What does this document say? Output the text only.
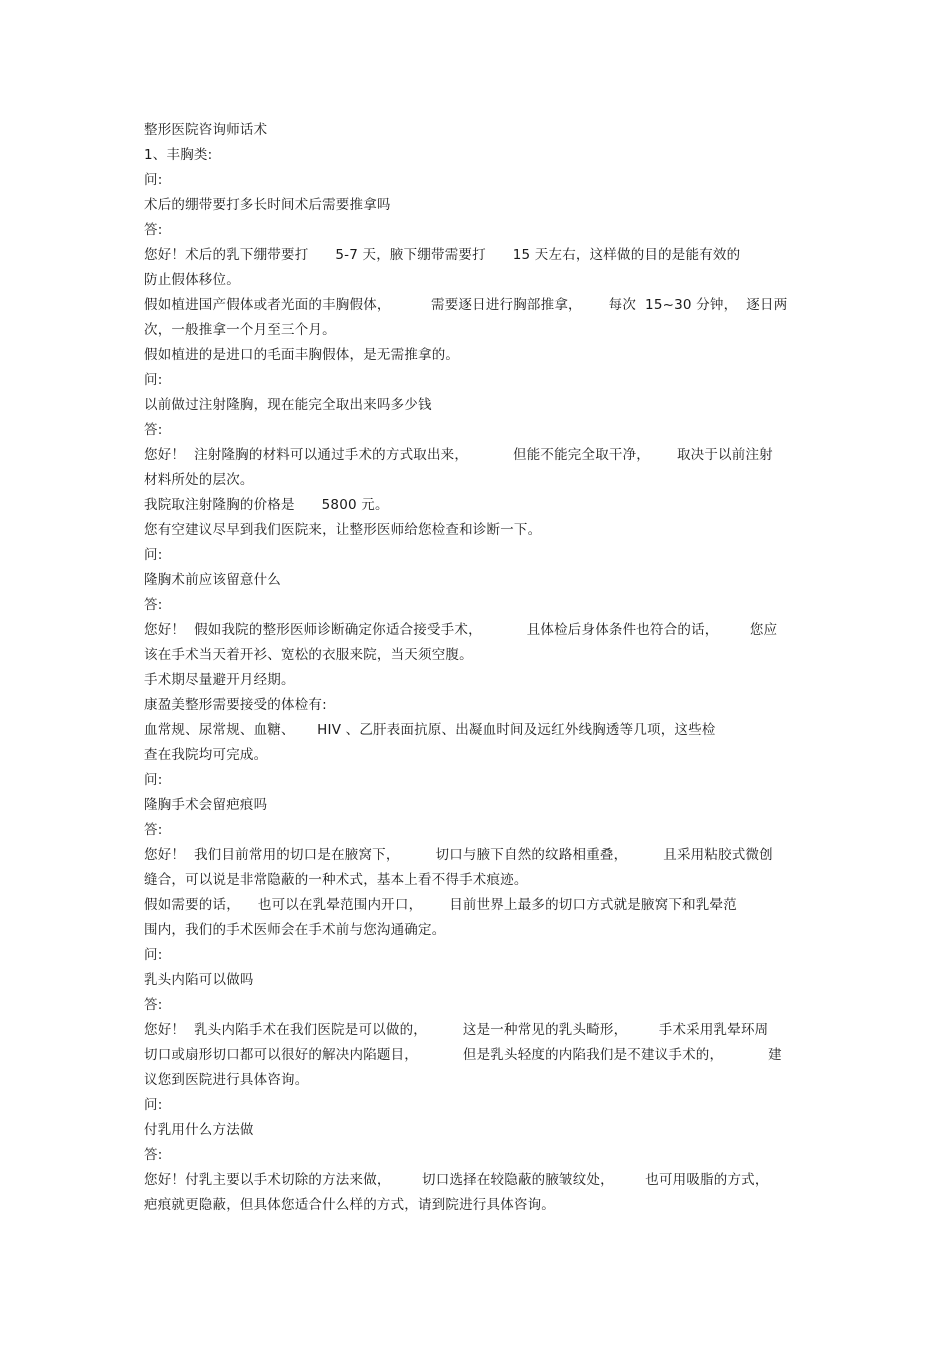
整形医院咨询师话术
1、丰胸类:
问:
术后的绷带要打多长时间术后需要推拿吗
答:
您好！术后的乳下绷带要打      5-7 天，腋下绷带需要打      15 天左右，这样做的目的是能有效的
防止假体移位。
假如植进国产假体或者光面的丰胸假体，         需要逐日进行胸部推拿，      每次  15~30 分钟，  逐日两
次，一般推拿一个月至三个月。
假如植进的是进口的毛面丰胸假体，是无需推拿的。
问:
以前做过注射隆胸，现在能完全取出来吗多少钱
答:
您好！  注射隆胸的材料可以通过手术的方式取出来，          但能不能完全取干净，      取决于以前注射
材料所处的层次。
我院取注射隆胸的价格是      5800 元。
您有空建议尽早到我们医院来，让整形医师给您检查和诊断一下。
问:
隆胸术前应该留意什么
答:
您好！  假如我院的整形医师诊断确定你适合接受手术，          且体检后身体条件也符合的话，       您应
该在手术当天着开衫、宽松的衣服来院，当天须空腹。
手术期尽量避开月经期。
康盈美整形需要接受的体检有:
血常规、尿常规、血糖、     HIV 、乙肝表面抗原、出凝血时间及远红外线胸透等几项，这些检
查在我院均可完成。
问:
隆胸手术会留疤痕吗
答:
您好！  我们目前常用的切口是在腋窝下，        切口与腋下自然的纹路相重叠，        且采用粘胶式微创
缝合，可以说是非常隐蔽的一种术式，基本上看不得手术痕迹。
假如需要的话，    也可以在乳晕范围内开口，      目前世界上最多的切口方式就是腋窝下和乳晕范
围内，我们的手术医师会在手术前与您沟通确定。
问:
乳头内陷可以做吗
答:
您好！  乳头内陷手术在我们医院是可以做的，        这是一种常见的乳头畸形，       手术采用乳晕环周
切口或扇形切口都可以很好的解决内陷题目，          但是乳头轻度的内陷我们是不建议手术的，          建
议您到医院进行具体咨询。
问:
付乳用什么方法做
答:
您好！付乳主要以手术切除的方法来做，       切口选择在较隐蔽的腋皱纹处，       也可用吸脂的方式，
疤痕就更隐蔽，但具体您适合什么样的方式，请到院进行具体咨询。
